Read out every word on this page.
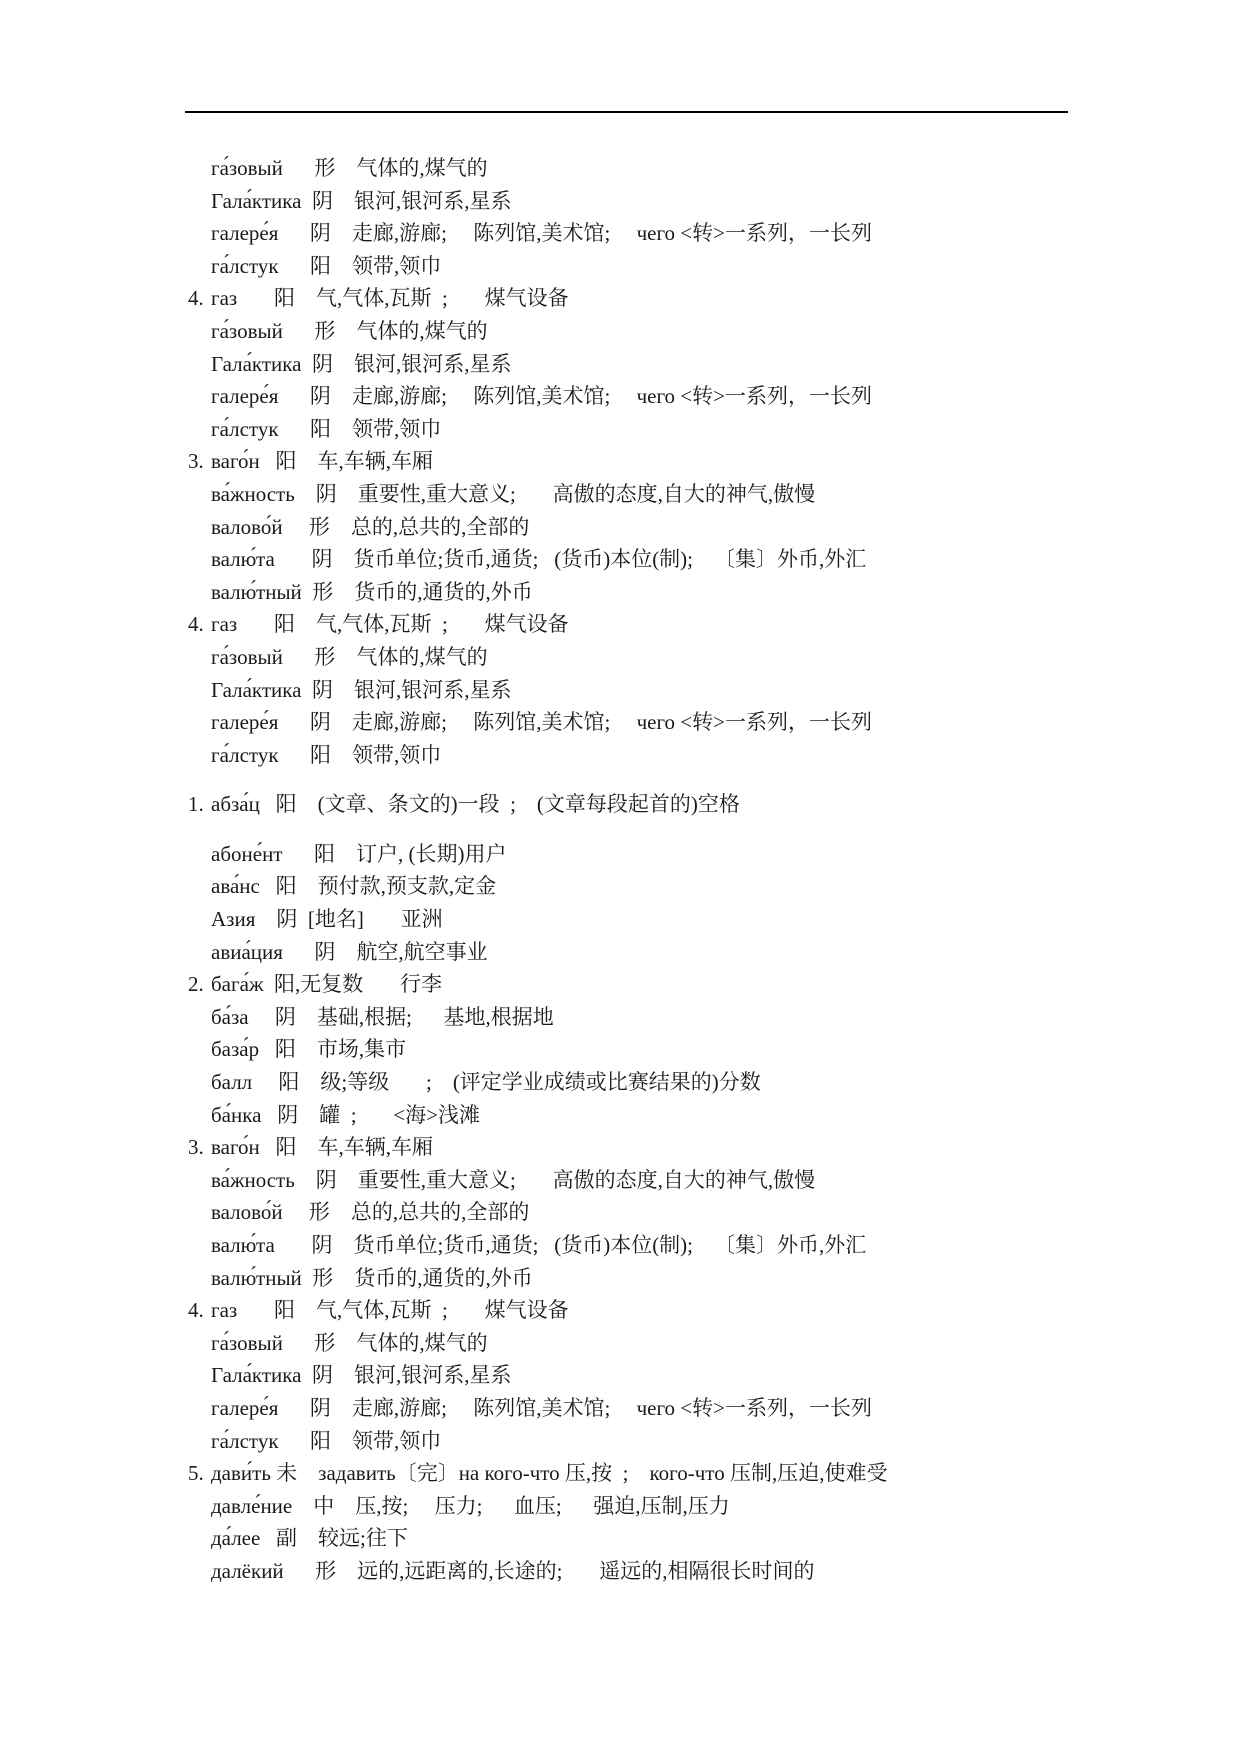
га́зовый      形    气体的,煤气的
Гала́ктика  阴    银河,银河系,星系
галере́я      阴    走廊,游廊;     陈列馆,美术馆;     чего <转>一系列，一长列
га́лстук      阳    领带,领巾
4. газ       阳    气,气体,瓦斯  ;       煤气设备
га́зовый      形    气体的,煤气的
Гала́ктика  阴    银河,银河系,星系
галере́я      阴    走廊,游廊;     陈列馆,美术馆;     чего <转>一系列，一长列
га́лстук      阳    领带,领巾
3. ваго́н   阳    车,车辆,车厢
ва́жность    阴    重要性,重大意义;       高傲的态度,自大的神气,傲慢
валово́й     形    总的,总共的,全部的
валю́та       阴    货币单位;货币,通货;   (货币)本位(制);    〔集〕外币,外汇
валю́тный  形    货币的,通货的,外币
4. газ       阳    气,气体,瓦斯  ;       煤气设备
га́зовый      形    气体的,煤气的
Гала́ктика  阴    银河,银河系,星系
галере́я      阴    走廊,游廊;     陈列馆,美术馆;     чего <转>一系列，一长列
га́лстук      阳    领带,领巾
1. абза́ц   阳    (文章、条文的)一段  ;    (文章每段起首的)空格
абоне́нт      阳    订户, (长期)用户
ава́нс   阳    预付款,预支款,定金
Азия    阴  [地名]       亚洲
авиа́ция      阴    航空,航空事业
2. бага́ж  阳,无复数       行李
ба́за     阴    基础,根据;      基地,根据地
база́р   阳    市场,集市
балл     阳    级;等级       ;    (评定学业成绩或比赛结果的)分数
ба́нка   阴    罐  ;       <海>浅滩
3. ваго́н   阳    车,车辆,车厢
ва́жность    阴    重要性,重大意义;       高傲的态度,自大的神气,傲慢
валово́й     形    总的,总共的,全部的
валю́та       阴    货币单位;货币,通货;   (货币)本位(制);    〔集〕外币,外汇
валю́тный  形    货币的,通货的,外币
4. газ       阳    气,气体,瓦斯  ;       煤气设备
га́зовый      形    气体的,煤气的
Гала́ктика  阴    银河,银河系,星系
галере́я      阴    走廊,游廊;     陈列馆,美术馆;     чего <转>一系列，一长列
га́лстук      阳    领带,领巾
5. дави́ть 未    задавить〔完〕на кого-что 压,按  ;    кого-что 压制,压迫,使难受
давле́ние    中    压,按;     压力;      血压;      强迫,压制,压力
да́лее   副    较远;往下
далёкий      形    远的,远距离的,长途的;       遥远的,相隔很长时间的
